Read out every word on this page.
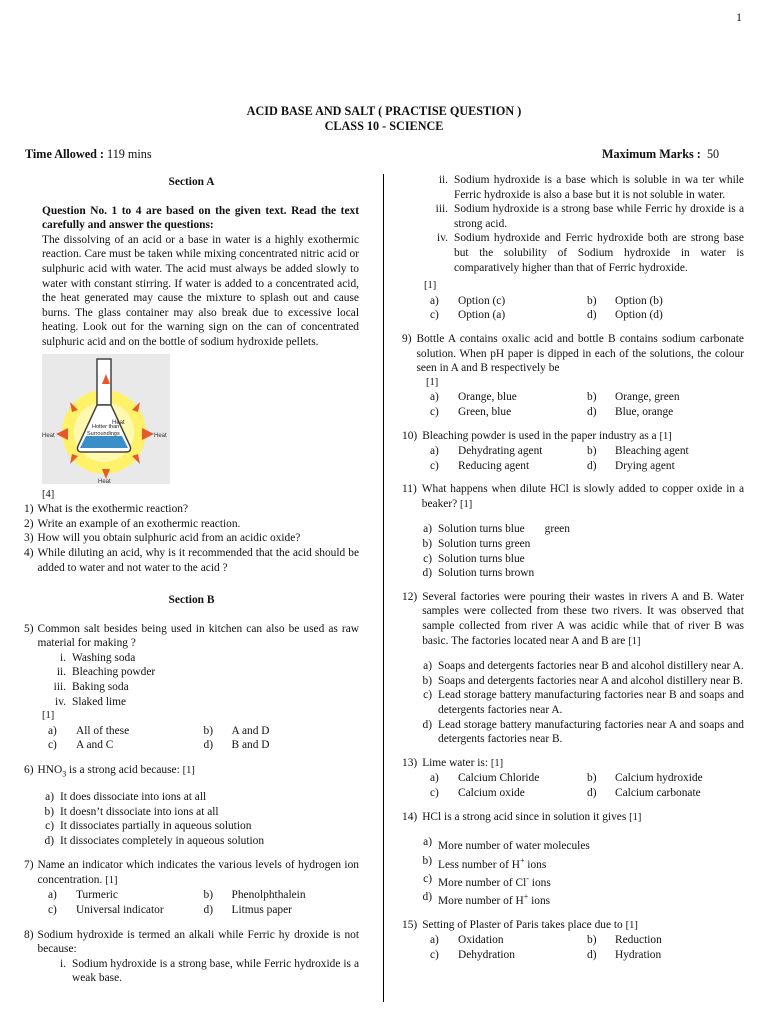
1
ACID BASE AND SALT ( PRACTISE QUESTION )
CLASS 10 - SCIENCE
Time Allowed : 119 mins	Maximum Marks : 50
Section A
Question No. 1 to 4 are based on the given text. Read the text carefully and answer the questions:
The dissolving of an acid or a base in water is a highly exothermic reaction. Care must be taken while mixing concentrated nitric acid or sulphuric acid with water. The acid must always be added slowly to water with constant stirring. If water is added to a concentrated acid, the heat generated may cause the mixture to splash out and cause burns. The glass container may also break due to excessive local heating. Look out for the warning sign on the can of concentrated sulphuric acid and on the bottle of sodium hydroxide pellets.
Heat
Heat	Heat
Heat
Hotter than
Surroundings
[4]
1) What is the exothermic reaction?
2) Write an example of an exothermic reaction.
3) How will you obtain sulphuric acid from an acidic oxide?
4) While diluting an acid, why is it recommended that the acid should be added to water and not water to the acid ?
Section B
5) Common salt besides being used in kitchen can also be used as raw material for making ?
i. Washing soda
ii. Bleaching powder
iii. Baking soda
iv. Slaked lime
[1]
a)	All of these	b)	A and D
c)	A and C	d)	B and D
6) $HNO_3$ is a strong acid because: [1]
a) It does dissociate into ions at all
b) It doesn’t dissociate into ions at all
c) It dissociates partially in aqueous solution
d) It dissociates completely in aqueous solution
7) Name an indicator which indicates the various levels of hydrogen ion concentration. [1]
a)	Turmeric	b)	Phenolphthalein
c)	Universal indicator	d)	Litmus paper
8) Sodium hydroxide is termed an alkali while Ferric hy droxide is not because:
i. Sodium hydroxide is a strong base, while Ferric hydroxide is a weak base.
ii. Sodium hydroxide is a base which is soluble in wa ter while Ferric hydroxide is also a base but it is not soluble in water.
iii. Sodium hydroxide is a strong base while Ferric hy droxide is a strong acid.
iv. Sodium hydroxide and Ferric hydroxide both are strong base but the solubility of Sodium hydroxide in water is comparatively higher than that of Ferric hydroxide.
[1]
a)	Option (c)	b)	Option (b)
c)	Option (a)	d)	Option (d)
9) Bottle A contains oxalic acid and bottle B contains sodium carbonate solution. When pH paper is dipped in each of the solutions, the colour seen in A and B respectively be
[1]
a)	Orange, blue	b)	Orange, green
c)	Green, blue	d)	Blue, orange
10) Bleaching powder is used in the paper industry as a [1]
a)	Dehydrating agent	b)	Bleaching agent
c)	Reducing agent	d)	Drying agent
11) What happens when dilute HCl is slowly added to copper oxide in a beaker? [1]
a) Solution turns blue green
b) Solution turns green
c) Solution turns blue
d) Solution turns brown
12) Several factories were pouring their wastes in rivers A and B. Water samples were collected from these two rivers. It was observed that sample collected from river A was acidic while that of river B was basic. The factories located near A and B are [1]
a) Soaps and detergents factories near B and alcohol distillery near A.
b) Soaps and detergents factories near A and alcohol distillery near B.
c) Lead storage battery manufacturing factories near B and soaps and detergents factories near A.
d) Lead storage battery manufacturing factories near A and soaps and detergents factories near B.
13) Lime water is: [1]
a)	Calcium Chloride	b)	Calcium hydroxide
c)	Calcium oxide	d)	Calcium carbonate
14) HCl is a strong acid since in solution it gives [1]
a) More number of water molecules
b) Less number of H+ ions
c) More number of Cl- ions
d) More number of H+ ions
15) Setting of Plaster of Paris takes place due to [1]
a)	Oxidation	b)	Reduction
c)	Dehydration	d)	Hydration
